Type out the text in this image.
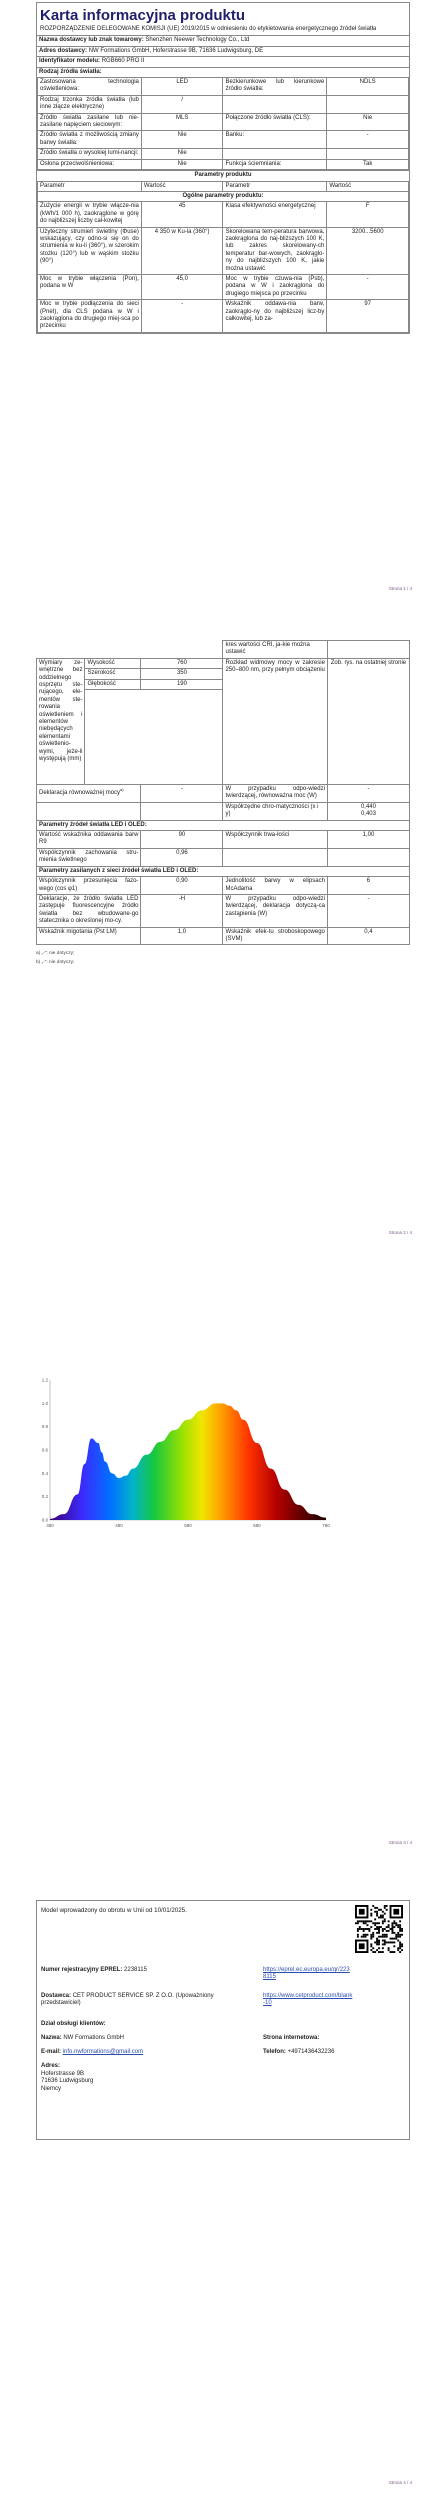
Karta informacyjna produktu
ROZPORZĄDZENIE DELEGOWANE KOMISJI (UE) 2019/2015 w odniesieniu do etykietowania energetycznego źródeł światła
Nazwa dostawcy lub znak towarowy: Shenzhen Neewer Technology Co., Ltd
Adres dostawcy: NW Formations GmbH, Hoferstrasse 9B, 71636 Ludwigsburg, DE
Identyfikator modelu: RGB660 PRO II
Rodzaj źródła światła:
Zastosowana technologia oświetleniowa:	LED	Bezkierunkowe lub kierunkowe źródło światła:	NDLS
Rodzaj trzonka źródła światła (lub inne złącze elektryczne)	/		
Źródło światła zasilane lub nie-zasilane napięciem sieciowym:	MLS	Połączone źródło światła (CLS):	Nie
Źródło światła z możliwością zmiany barwy światła:	Nie	Banku:	-
Źródło światła o wysokiej lumi-nancji:	Nie		
Osłona przeciwolśnieniowa:	Nie	Funkcja ściemniania:	Tak
Parametry produktu
Parametr	Wartość	Parametr	Wartość
Ogólne parametry produktu:			
Zużycie energii w trybie włącze-nia (kWh/1 000 h), zaokrąglone w górę do najbliższej liczby cał-kowitej	45	Klasa efektywności energetycznej	F
Użyteczny strumień świetlny (Φuse) wskazujący, czy odno-si się on do strumienia w ku-li (360°), w szerokim stożku (120°) lub w wąskim stożku (90°)	4 350 w Ku-la (360°)	Skorelowana tem-peratura barwowa, zaokrąglona do naj-bliższych 100 K, lub zakres skorelowany-ch temperatur bar-wowych, zaokrąglo-ny do najbliższych 100 K, jakie można ustawić	3200...5600
Moc w trybie włączenia (Pon), podana w W	45,0	Moc w trybie czuwa-nia (Psb), podana w W i zaokrąglona do drugiego miejsca po przecinku	-
Moc w trybie podłączenia do sieci (Pnet), dla CLS podana w W i zaokrąglona do drugiego miej-sca po przecinku	-	Wskaźnik oddawa-nia barw, zaokrąglo-ny do najbliższej licz-by całkowitej, lub za-	97
Strona 1 / 4
			kres wartości CRI, ja-kie można ustawić	
Wymiary ze-wnętrzne bez oddzielnego osprzętu ste-rującego, ele-mentów ste-rowania oświetleniem i elementów niebędących elementami oświetlenio-wymi, jeże-li występują (mm)	Wysokość	760	Rozkład widmowy mocy w zakresie 250–800 nm, przy pełnym obciążeniu	Zob. rys. na ostatniej stronie
	Szerokość	350		
	Głębokość	190		

Deklaracja równoważnej mocy$^{a)}$		-	W przypadku odpo-wiedzi twierdzącej, równoważna moc (W)	-
			Współrzędne chro-matyczności (x i y)	0,440
0,403
Parametry źródeł światła LED i OLED:				
Wartość wskaźnika oddawania barw R9		90	Współczynnik trwa-łości	1,00
Współczynnik zachowania stru-mienia świetlnego		0,96		
Parametry zasilanych z sieci źródeł światła LED i OLED:				
Współczynnik przesunięcia fazo-wego (cos φ1)		0,90	Jednolitość barwy w elipsach McAdama	6
Deklaracje, że źródło światła LED zastępuje fluorescencyjne źródło światła bez wbudowane-go statecznika o określonej mo-cy.		-H	W przypadku odpo-wiedzi twierdzącej, deklaracja dotyczą-ca zastąpienia (W)	-
Wskaźnik migotania (Pst LM)		1,0	Wskaźnik efek-tu stroboskopowego (SVM)	0,4
a) „-”: nie dotyczy;
b) „-”: nie dotyczy;
Strona 2 / 4
380	480	580	680	780
0.0
0.2
0.4
0.6
0.8
1.0
1.2
Strona 3 / 4
Model wprowadzony do obrotu w Unii od 10/01/2025.
Numer rejestracyjny EPREL: 2238115	https://eprel.ec.europa.eu/qr/2238115
Dostawca: CET PRODUCT SERVICE SP. Z O.O. (Upoważniony przedstawiciel)
https://www.cetproduct.com/blank-10
Dział obsługi klientów:
Nazwa: NW Formations GmbH	Strona internetowa:
E-mail: info.nwformations@gmail.com	Telefon: +4971436432236
Adres:
Hoferstrasse 9B
71636 Ludwigsburg
Niemcy
Strona 4 / 4
